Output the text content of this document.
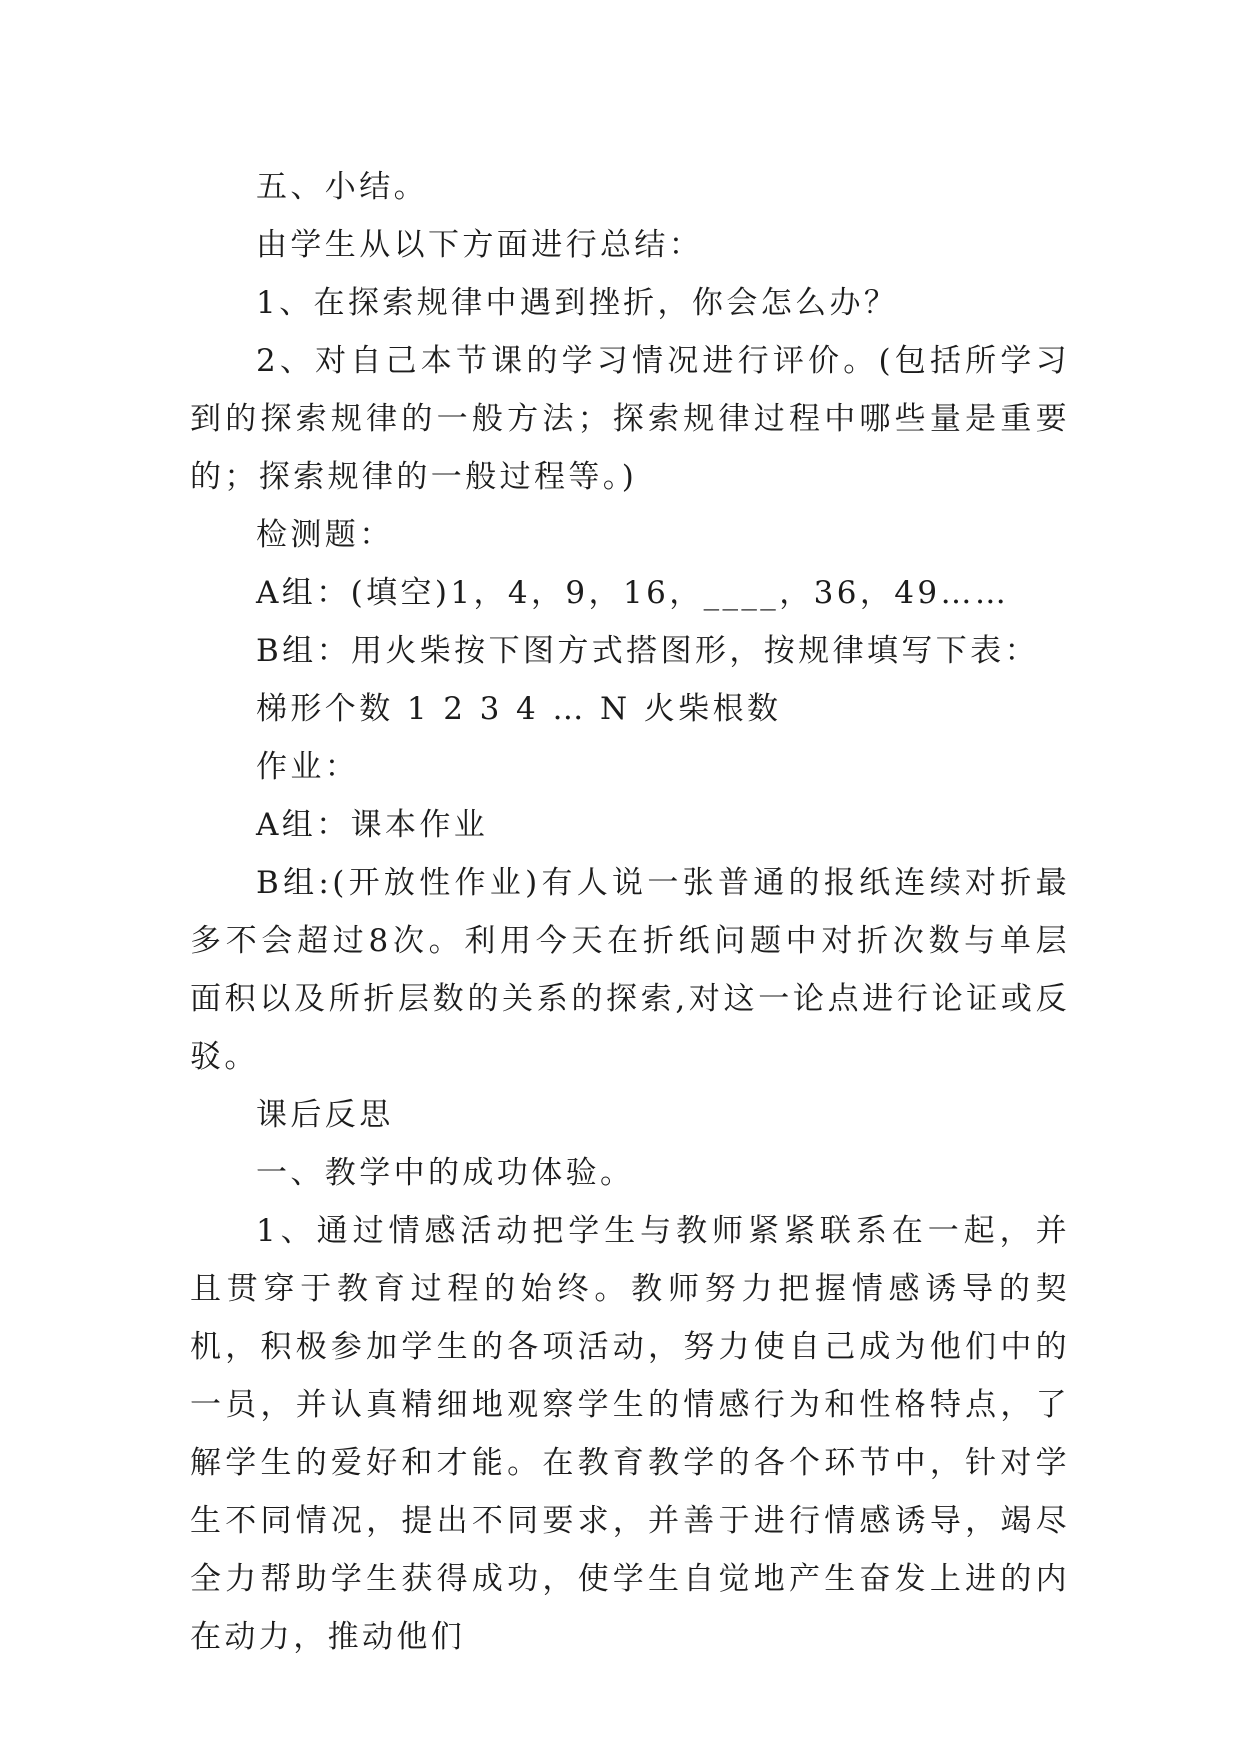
五、小结。

由学生从以下方面进行总结：

1、在探索规律中遇到挫折，你会怎么办？

2、对自己本节课的学习情况进行评价。(包括所学习到的探索规律的一般方法；探索规律过程中哪些量是重要的；探索规律的一般过程等。)

检测题：

A组：(填空)1，4，9，16，____，36，49……

B组：用火柴按下图方式搭图形，按规律填写下表：

梯形个数 1 2 3 4 … N 火柴根数

作业：

A组：课本作业

B组:(开放性作业)有人说一张普通的报纸连续对折最多不会超过8次。利用今天在折纸问题中对折次数与单层面积以及所折层数的关系的探索,对这一论点进行论证或反驳。

课后反思

一、教学中的成功体验。

1、通过情感活动把学生与教师紧紧联系在一起，并且贯穿于教育过程的始终。教师努力把握情感诱导的契机，积极参加学生的各项活动，努力使自己成为他们中的一员，并认真精细地观察学生的情感行为和性格特点，了解学生的爱好和才能。在教育教学的各个环节中，针对学生不同情况，提出不同要求，并善于进行情感诱导，竭尽全力帮助学生获得成功，使学生自觉地产生奋发上进的内在动力，推动他们
